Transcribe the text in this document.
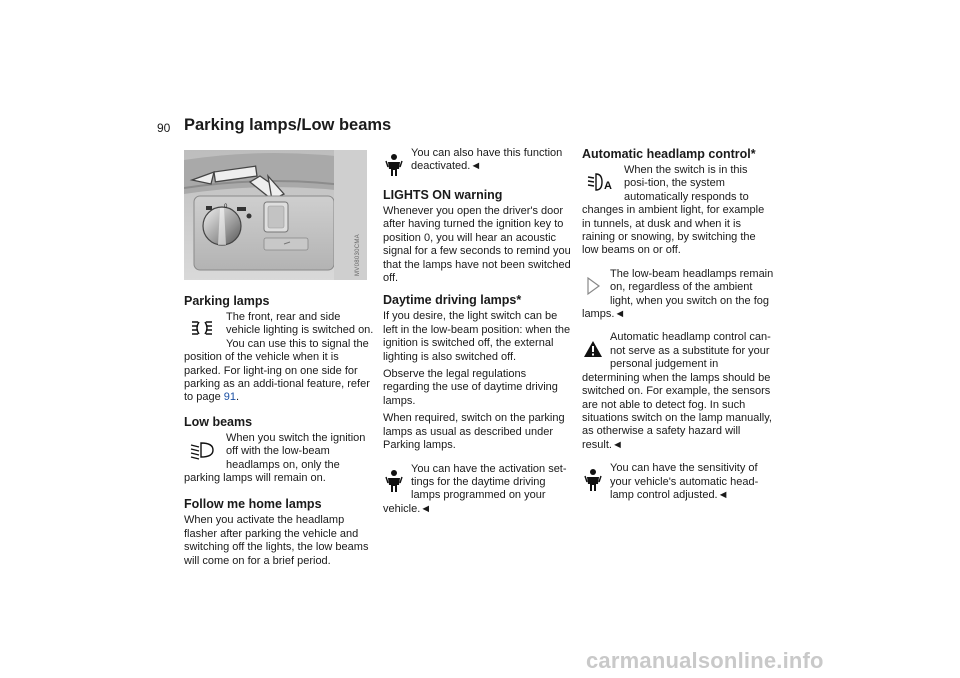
90 Parking lamps/Low beams
0
MV08030CMA
Parking lamps

The front, rear and side vehicle lighting is switched on. You can use this to signal the position of the vehicle when it is parked. For light-ing on one side for parking as an addi-tional feature, refer to page 91.

Low beams

When you switch the ignition off with the low-beam headlamps on, only the parking lamps will remain on.

Follow me home lamps

When you activate the headlamp flasher after parking the vehicle and switching off the lights, the low beams will come on for a brief period.

You can also have this function deactivated.◄

LIGHTS ON warning

Whenever you open the driver's door after having turned the ignition key to position 0, you will hear an acoustic signal for a few seconds to remind you that the lamps have not been switched off.

Daytime driving lamps*

If you desire, the light switch can be left in the low-beam position: when the ignition is switched off, the external lighting is also switched off.

Observe the legal regulations regarding the use of daytime driving lamps.

When required, switch on the parking lamps as usual as described under Parking lamps.

You can have the activation set-tings for the daytime driving lamps programmed on your vehicle.◄

Automatic headlamp control*
A

When the switch is in this posi-tion, the system automatically responds to changes in ambient light, for example in tunnels, at dusk and when it is raining or snowing, by switching the low beams on or off.

The low-beam headlamps remain on, regardless of the ambient light, when you switch on the fog lamps.◄

Automatic headlamp control can-not serve as a substitute for your personal judgement in determining when the lamps should be switched on. For example, the sensors are not able to detect fog. In such situations switch on the lamp manually, as otherwise a safety hazard will result.◄

You can have the sensitivity of your vehicle's automatic head-lamp control adjusted.◄

carmanualsonline.info
